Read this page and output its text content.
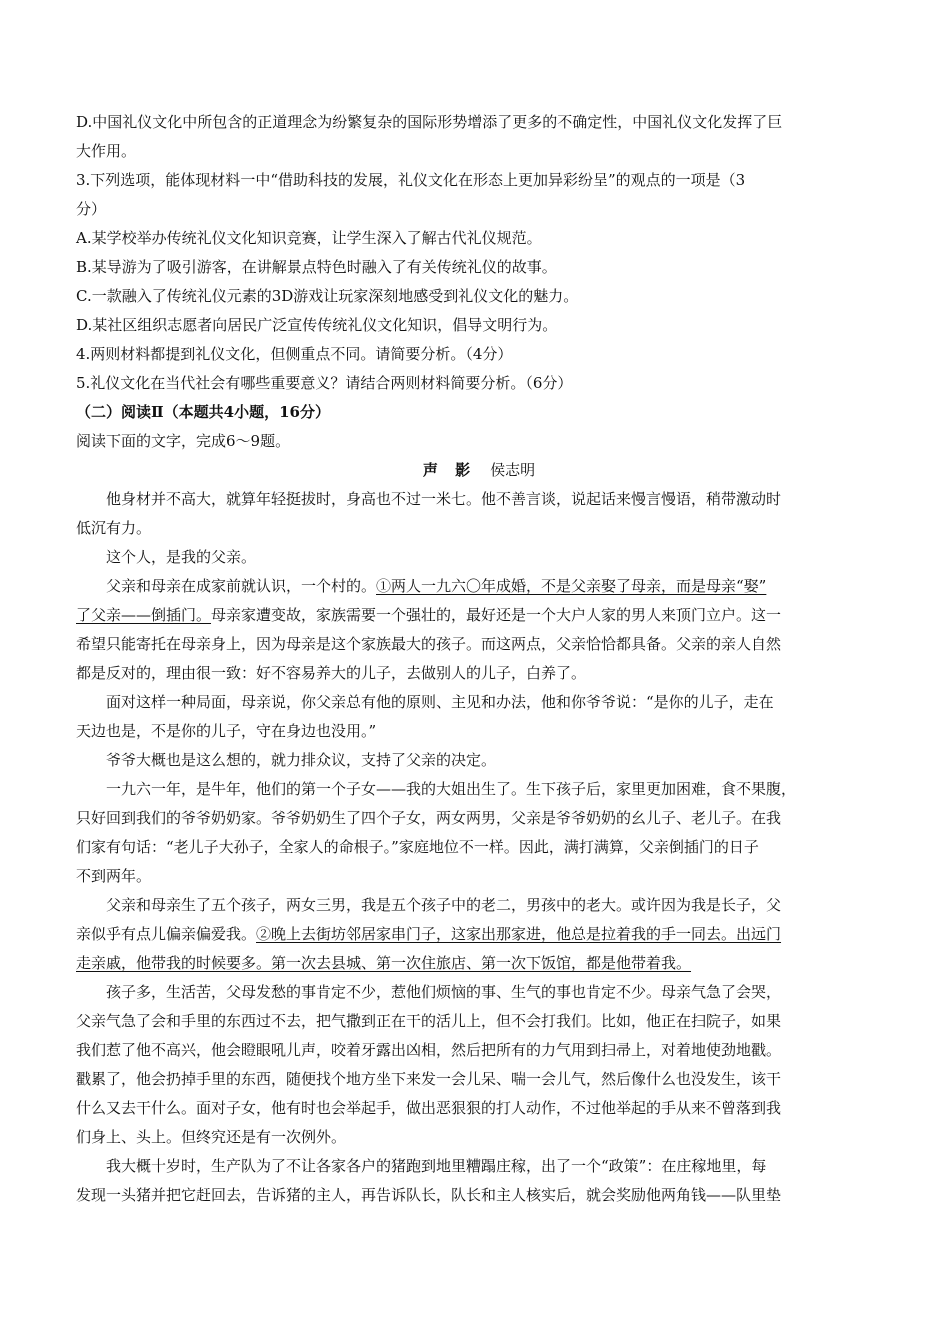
D.中国礼仪文化中所包含的正道理念为纷繁复杂的国际形势增添了更多的不确定性，中国礼仪文化发挥了巨
大作用。
3.下列选项，能体现材料一中“借助科技的发展，礼仪文化在形态上更加异彩纷呈”的观点的一项是（3
分）
A.某学校举办传统礼仪文化知识竞赛，让学生深入了解古代礼仪规范。
B.某导游为了吸引游客，在讲解景点特色时融入了有关传统礼仪的故事。
C.一款融入了传统礼仪元素的3D游戏让玩家深刻地感受到礼仪文化的魅力。
D.某社区组织志愿者向居民广泛宣传传统礼仪文化知识，倡导文明行为。
4.两则材料都提到礼仪文化，但侧重点不同。请简要分析。（4分）
5.礼仪文化在当代社会有哪些重要意义？请结合两则材料简要分析。（6分）
（二）阅读Ⅱ（本题共4小题，16分）
阅读下面的文字，完成6～9题。
声 影 侯志明
他身材并不高大，就算年轻挺拔时，身高也不过一米七。他不善言谈，说起话来慢言慢语，稍带激动时
低沉有力。
这个人，是我的父亲。
父亲和母亲在成家前就认识，一个村的。①两人一九六〇年成婚，不是父亲娶了母亲，而是母亲“娶”
了父亲——倒插门。母亲家遭变故，家族需要一个强壮的，最好还是一个大户人家的男人来顶门立户。这一
希望只能寄托在母亲身上，因为母亲是这个家族最大的孩子。而这两点，父亲恰恰都具备。父亲的亲人自然
都是反对的，理由很一致：好不容易养大的儿子，去做别人的儿子，白养了。
面对这样一种局面，母亲说，你父亲总有他的原则、主见和办法，他和你爷爷说：“是你的儿子，走在
天边也是，不是你的儿子，守在身边也没用。”
爷爷大概也是这么想的，就力排众议，支持了父亲的决定。
一九六一年，是牛年，他们的第一个子女——我的大姐出生了。生下孩子后，家里更加困难，食不果腹，
只好回到我们的爷爷奶奶家。爷爷奶奶生了四个子女，两女两男，父亲是爷爷奶奶的幺儿子、老儿子。在我
们家有句话：“老儿子大孙子，全家人的命根子。”家庭地位不一样。因此，满打满算，父亲倒插门的日子
不到两年。
父亲和母亲生了五个孩子，两女三男，我是五个孩子中的老二，男孩中的老大。或许因为我是长子，父
亲似乎有点儿偏亲偏爱我。②晚上去街坊邻居家串门子，这家出那家进，他总是拉着我的手一同去。出远门
走亲戚，他带我的时候要多。第一次去县城、第一次住旅店、第一次下饭馆，都是他带着我。
孩子多，生活苦，父母发愁的事肯定不少，惹他们烦恼的事、生气的事也肯定不少。母亲气急了会哭，
父亲气急了会和手里的东西过不去，把气撒到正在干的活儿上，但不会打我们。比如，他正在扫院子，如果
我们惹了他不高兴，他会瞪眼吼儿声，咬着牙露出凶相，然后把所有的力气用到扫帚上，对着地使劲地戳。
戳累了，他会扔掉手里的东西，随便找个地方坐下来发一会儿呆、喘一会儿气，然后像什么也没发生，该干
什么又去干什么。面对子女，他有时也会举起手，做出恶狠狠的打人动作，不过他举起的手从来不曾落到我
们身上、头上。但终究还是有一次例外。
我大概十岁时，生产队为了不让各家各户的猪跑到地里糟蹋庄稼，出了一个“政策”：在庄稼地里，每
发现一头猪并把它赶回去，告诉猪的主人，再告诉队长，队长和主人核实后，就会奖励他两角钱——队里垫
